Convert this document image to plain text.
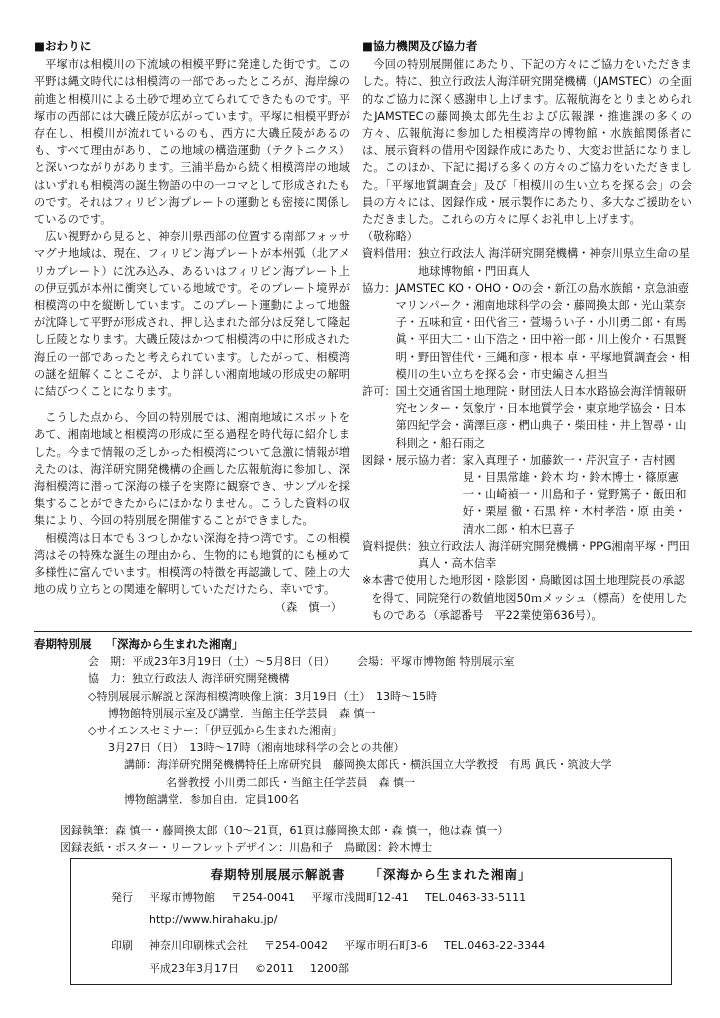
■おわりに

平塚市は相模川の下流域の相模平野に発達した街です。この平野は縄文時代には相模湾の一部であったところが、海岸線の前進と相模川による土砂で埋め立てられてできたものです。平塚市の西部には大磯丘陵が広がっています。平塚に相模平野が存在し、相模川が流れているのも、西方に大磯丘陵があるのも、すべて理由があり、この地域の構造運動（テクトニクス）と深いつながりがあります。三浦半島から続く相模湾岸の地域はいずれも相模湾の誕生物語の中の一コマとして形成されたものです。それはフィリピン海プレートの運動とも密接に関係しているのです。

広い視野から見ると、神奈川県西部の位置する南部フォッサマグナ地域は、現在、フィリピン海プレートが本州弧（北アメリカプレート）に沈み込み、あるいはフィリピン海プレート上の伊豆弧が本州に衝突している地域です。そのプレート境界が相模湾の中を縦断しています。このプレート運動によって地盤が沈降して平野が形成され、押し込まれた部分は反発して隆起し丘陵となります。大磯丘陵はかつて相模湾の中に形成された海丘の一部であったと考えられています。したがって、相模湾の謎を紐解くことこそが、より詳しい湘南地域の形成史の解明に結びつくことになります。

こうした点から、今回の特別展では、湘南地域にスポットをあて、湘南地域と相模湾の形成に至る過程を時代毎に紹介しました。今まで情報の乏しかった相模湾について急激に情報が増えたのは、海洋研究開発機構の企画した広報航海に参加し、深海相模湾に潜って深海の様子を実際に観察でき、サンプルを採集することができたからにほかなりません。こうした資料の収集により、今回の特別展を開催することができました。

相模湾は日本でも３つしかない深海を持つ湾です。この相模湾はその特殊な誕生の理由から、生物的にも地質的にも極めて多様性に富んでいます。相模湾の特徴を再認識して、陸上の大地の成り立ちとの関連を解明していただけたら、幸いです。

（森　慎一）
■協力機関及び協力者

今回の特別展開催にあたり、下記の方々にご協力をいただきました。特に、独立行政法人海洋研究開発機構（JAMSTEC）の全面的なご協力に深く感謝申し上げます。広報航海をとりまとめられたJAMSTECの藤岡換太郎先生および広報課・推進課の多くの方々、広報航海に参加した相模湾岸の博物館・水族館関係者には、展示資料の借用や図録作成にあたり、大変お世話になりました。このほか、下記に掲げる多くの方々のご協力をいただきました。「平塚地質調査会」及び「相模川の生い立ちを探る会」の会員の方々には、図録作成・展示製作にあたり、多大なご援助をいただきました。これらの方々に厚くお礼申し上げます。

（敬称略）
資料借用： 独立行政法人 海洋研究開発機構・神奈川県立生命の星地球博物館・門田真人
協力： JAMSTEC KO・OHO・Oの会・新江の島水族館・京急油壺マリンパーク・湘南地球科学の会・藤岡換太郎・光山菜奈子・五味和宣・田代省三・萱場うい子・小川勇二郎・有馬 眞・平田大二・山下浩之・田中裕一郎・川上俊介・石黒賢明・野田智佳代・三縄和彦・根本 卓・平塚地質調査会・相模川の生い立ちを探る会・市史編さん担当
許可： 国土交通省国土地理院・財団法人日本水路協会海洋情報研究センター・気象庁・日本地質学会・東京地学協会・日本第四紀学会・満澤巨彦・椚山典子・柴田桂・井上智尋・山科則之・船石雨之
図録・展示協力者： 家入真理子・加藤欽一・芹沢宣子・吉村國見・目黒常雄・鈴木 均・鈴木博士・篠原憲一・山崎禎一・川島和子・覚野篤子・飯田和好・栗屋 徹・石黒 梓・木村孝浩・原 由美・清水二郎・柏木巳喜子
資料提供： 独立行政法人 海洋研究開発機構・PPG湘南平塚・門田真人・高木信幸
※ 本書で使用した地形図・陰影図・鳥瞰図は国土地理院長の承認を得て、同院発行の数値地図50ｍメッシュ（標高）を使用したものである（承認番号　平22業使第636号）。
春期特別展 「深海から生まれた湘南」
会　期：平成23年3月19日（土）～5月8日（日） 会場：平塚市博物館 特別展示室
協　力：独立行政法人 海洋研究開発機構
◇特別展展示解説と深海相模湾映像上演：3月19日（土）　13時～15時
博物館特別展示室及び講堂．当館主任学芸員　森 慎一
◇サイエンスセミナー：「伊豆弧から生まれた湘南」
3月27日（日）　13時～17時（湘南地球科学の会との共催）
講師：海洋研究開発機構特任上席研究員　藤岡換太郎氏・横浜国立大学教授　有馬 眞氏・筑波大学
名誉教授 小川勇二郎氏・当館主任学芸員　森 慎一
博物館講堂．参加自由．定員100名
図録執筆：森 慎一・藤岡換太郎（10～21頁，61頁は藤岡換太郎・森 慎一，他は森 慎一）
図録表紙・ポスター・リーフレットデザイン：川島和子　鳥瞰図：鈴木博士
春期特別展展示解説書 「深海から生まれた湘南」
発行 平塚市博物館 〒254-0041 平塚市浅間町12-41 TEL.0463-33-5111
http://www.hirahaku.jp/
印刷 神奈川印刷株式会社 〒254-0042 平塚市明石町3-6 TEL.0463-22-3344
平成23年3月17日 ©2011 1200部
